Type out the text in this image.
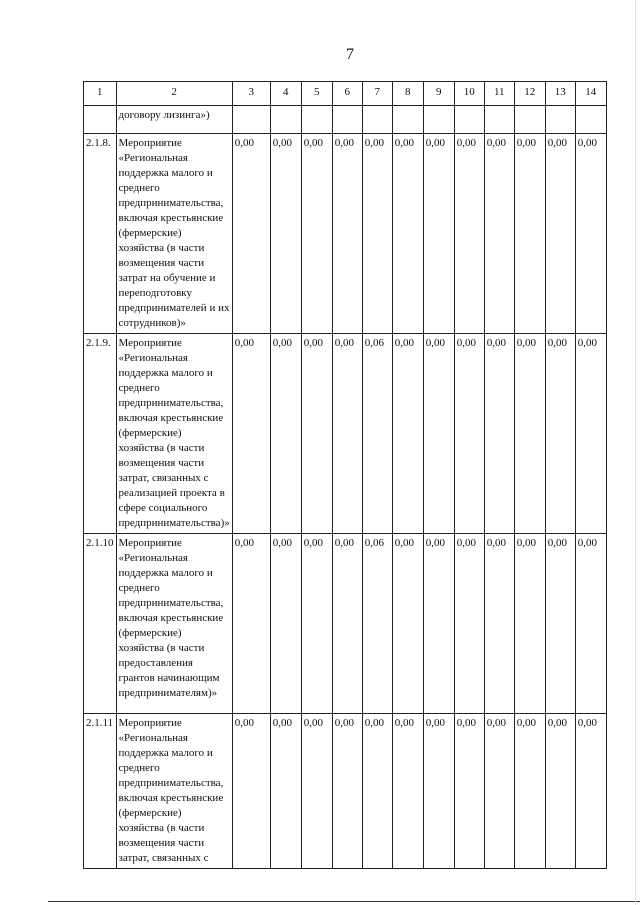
7
1	2	3	4	5	6	7	8	9	10	11	12	13	14
	договору лизинга»)												
2.1.8.	Мероприятие «Региональная поддержка малого и среднего предпринимательства, включая крестьянские (фермерские) хозяйства (в части возмещения части затрат на обучение и переподготовку предпринимателей и их сотрудников)»	0,00	0,00	0,00	0,00	0,00	0,00	0,00	0,00	0,00	0,00	0,00	0,00
2.1.9.	Мероприятие «Региональная поддержка малого и среднего предпринимательства, включая крестьянские (фермерские) хозяйства (в части возмещения части затрат, связанных с реализацией проекта в сфере социального предпринимательства)»	0,00	0,00	0,00	0,00	0,06	0,00	0,00	0,00	0,00	0,00	0,00	0,00
2.1.10	Мероприятие «Региональная поддержка малого и среднего предпринимательства, включая крестьянские (фермерские) хозяйства (в части предоставления грантов начинающим предпринимателям)»	0,00	0,00	0,00	0,00	0,06	0,00	0,00	0,00	0,00	0,00	0,00	0,00
2.1.11	Мероприятие «Региональная поддержка малого и среднего предпринимательства, включая крестьянские (фермерские) хозяйства (в части возмещения части затрат, связанных с	0,00	0,00	0,00	0,00	0,00	0,00	0,00	0,00	0,00	0,00	0,00	0,00
